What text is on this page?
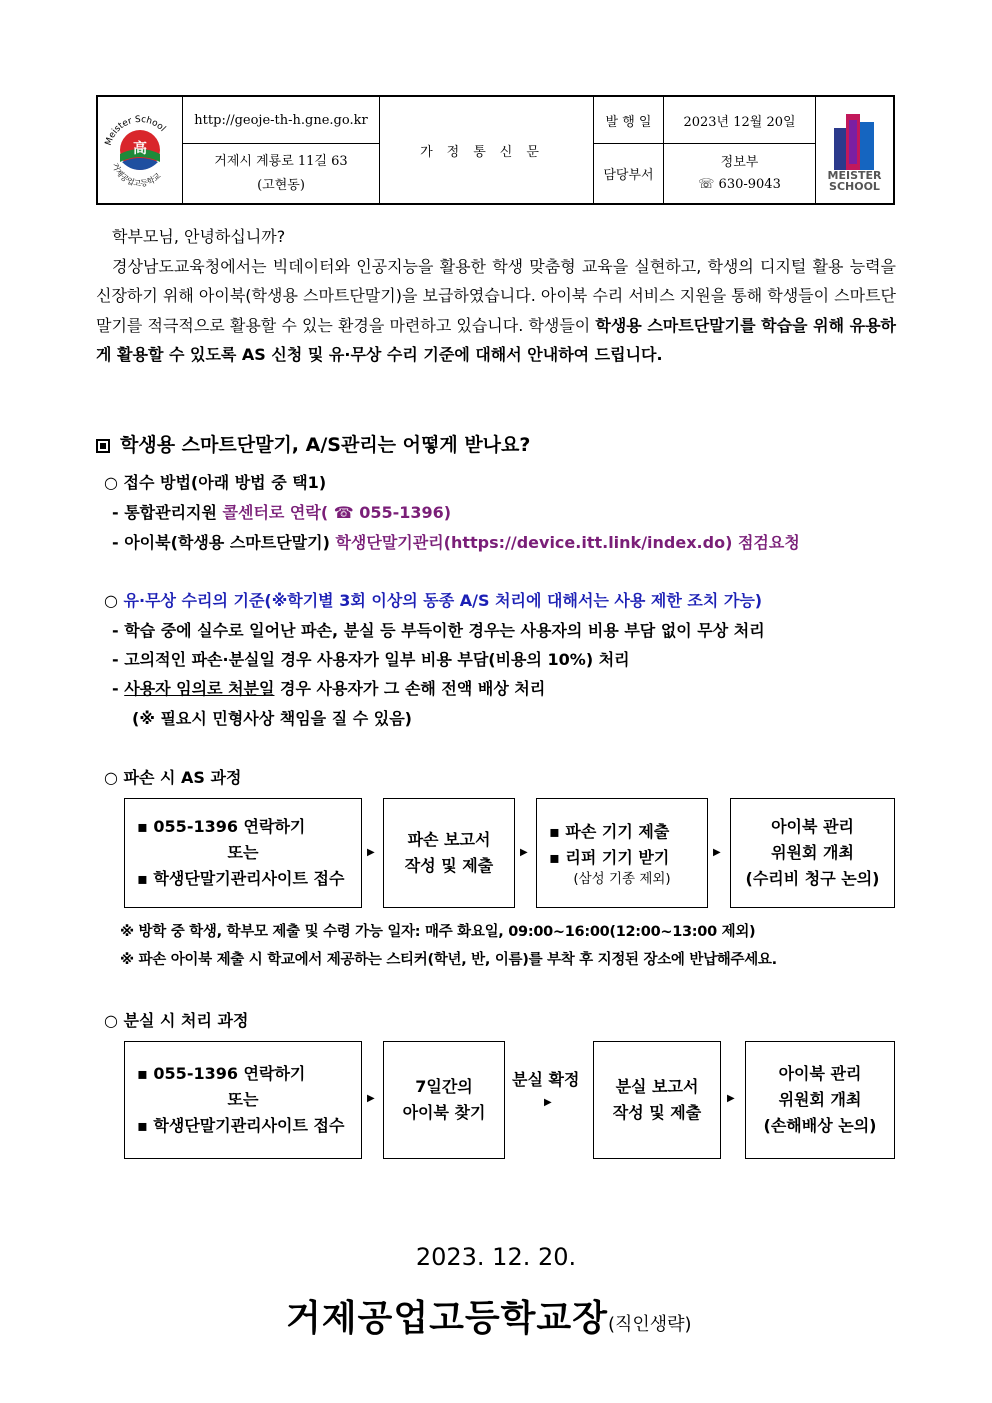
Meister School
거제공업고등학교
高
http://geoje-th-h.gne.go.kr
거제시 계룡로 11길 63
(고현동)
가정통신문
발 행 일
담당부서
2023년 12월 20일
정보부
☏ 630-9043
MEISTER
SCHOOL
학부모님, 안녕하십니까?
경상남도교육청에서는 빅데이터와 인공지능을 활용한 학생 맞춤형 교육을 실현하고, 학생의 디지털 활용 능력을 신장하기 위해 아이북(학생용 스마트단말기)을 보급하였습니다. 아이북 수리 서비스 지원을 통해 학생들이 스마트단말기를 적극적으로 활용할 수 있는 환경을 마련하고 있습니다. 학생들이 학생용 스마트단말기를 학습을 위해 유용하게 활용할 수 있도록 AS 신청 및 유·무상 수리 기준에 대해서 안내하여 드립니다.
학생용 스마트단말기, A/S관리는 어떻게 받나요?
○ 접수 방법(아래 방법 중 택1)
- 통합관리지원 콜센터로 연락( ☎ 055-1396)
- 아이북(학생용 스마트단말기) 학생단말기관리(https://device.itt.link/index.do) 점검요청
○ 유·무상 수리의 기준(※학기별 3회 이상의 동종 A/S 처리에 대해서는 사용 제한 조치 가능)
- 학습 중에 실수로 일어난 파손, 분실 등 부득이한 경우는 사용자의 비용 부담 없이 무상 처리
- 고의적인 파손·분실일 경우 사용자가 일부 비용 부담(비용의 10%) 처리
- 사용자 임의로 처분일 경우 사용자가 그 손해 전액 배상 처리
(※ 필요시 민형사상 책임을 질 수 있음)
○ 파손 시 AS 과정
▪ 055-1396 연락하기
또는
▪ 학생단말기관리사이트 접수
▶
파손 보고서
작성 및 제출
▶
▪ 파손 기기 제출
▪ 리퍼 기기 받기
(삼성 기종 제외)
▶
아이북 관리
위원회 개최
(수리비 청구 논의)
※ 방학 중 학생, 학부모 제출 및 수령 가능 일자: 매주 화요일, 09:00~16:00(12:00~13:00 제외)
※ 파손 아이북 제출 시 학교에서 제공하는 스티커(학년, 반, 이름)를 부착 후 지정된 장소에 반납해주세요.
○ 분실 시 처리 과정
▪ 055-1396 연락하기
또는
▪ 학생단말기관리사이트 접수
▶
7일간의
아이북 찾기
분실 확정
▶
분실 보고서
작성 및 제출
▶
아이북 관리
위원회 개최
(손해배상 논의)
2023. 12. 20.
거제공업고등학교장(직인생략)
